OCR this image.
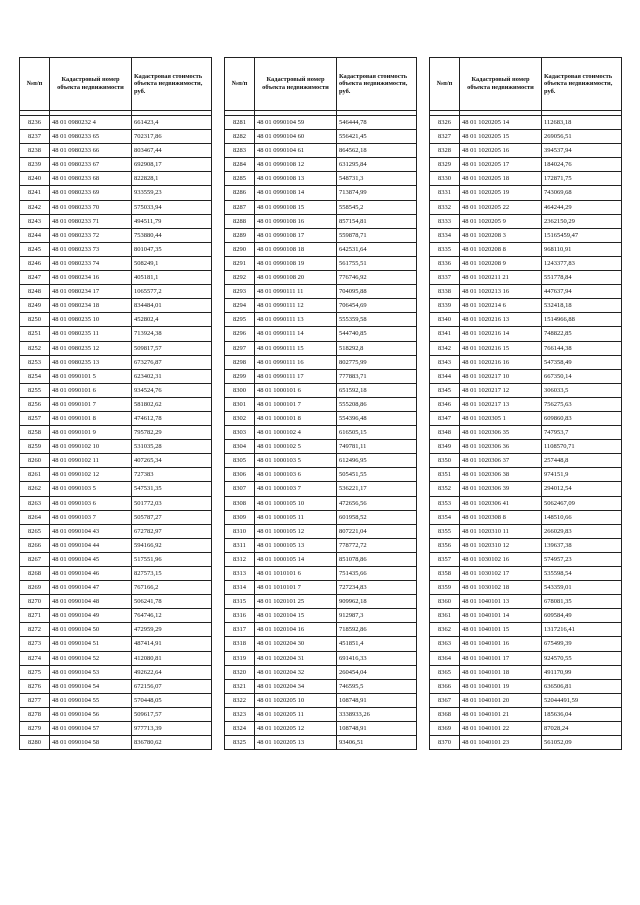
№п/п	Кадастровый номер объекта недвижимости	Кадастровая стоимость объекта недвижимости, руб.

8236	48 01 0980232 4	661423,4
8237	48 01 0980233 65	702317,86
8238	48 01 0980233 66	803467,44
8239	48 01 0980233 67	692908,17
8240	48 01 0980233 68	822828,1
8241	48 01 0980233 69	933559,23
8242	48 01 0980233 70	575033,94
8243	48 01 0980233 71	494511,79
8244	48 01 0980233 72	753880,44
8245	48 01 0980233 73	801047,35
8246	48 01 0980233 74	508249,1
8247	48 01 0980234 16	405181,1
8248	48 01 0980234 17	1065577,2
8249	48 01 0980234 18	834484,01
8250	48 01 0980235 10	452802,4
8251	48 01 0980235 11	713924,38
8252	48 01 0980235 12	509817,57
8253	48 01 0980235 13	673276,87
8254	48 01 0990101 5	623402,31
8255	48 01 0990101 6	934524,76
8256	48 01 0990101 7	581802,62
8257	48 01 0990101 8	474612,78
8258	48 01 0990101 9	795782,29
8259	48 01 0990102 10	531035,28
8260	48 01 0990102 11	407265,34
8261	48 01 0990102 12	727383
8262	48 01 0990103 5	547531,35
8263	48 01 0990103 6	501772,03
8264	48 01 0990103 7	505787,27
8265	48 01 0990104 43	672782,97
8266	48 01 0990104 44	594166,92
8267	48 01 0990104 45	517551,96
8268	48 01 0990104 46	827573,15
8269	48 01 0990104 47	767166,2
8270	48 01 0990104 48	506241,78
8271	48 01 0990104 49	764746,12
8272	48 01 0990104 50	472959,29
8273	48 01 0990104 51	487414,91
8274	48 01 0990104 52	412080,81
8275	48 01 0990104 53	492622,64
8276	48 01 0990104 54	672156,07
8277	48 01 0990104 55	570448,05
8278	48 01 0990104 56	509617,57
8279	48 01 0990104 57	977713,39
8280	48 01 0990104 58	836780,62
№п/п	Кадастровый номер объекта недвижимости	Кадастровая стоимость объекта недвижимости, руб.

8281	48 01 0990104 59	546444,78
8282	48 01 0990104 60	556421,45
8283	48 01 0990104 61	864562,18
8284	48 01 0990108 12	631295,84
8285	48 01 0990108 13	548731,3
8286	48 01 0990108 14	713874,99
8287	48 01 0990108 15	558545,2
8288	48 01 0990108 16	857154,81
8289	48 01 0990108 17	559878,71
8290	48 01 0990108 18	642531,64
8291	48 01 0990108 19	561755,51
8292	48 01 0990108 20	776746,92
8293	48 01 0990111 11	704095,88
8294	48 01 0990111 12	706454,69
8295	48 01 0990111 13	555359,58
8296	48 01 0990111 14	544740,85
8297	48 01 0990111 15	518292,8
8298	48 01 0990111 16	802775,99
8299	48 01 0990111 17	777883,71
8300	48 01 1000101 6	651592,18
8301	48 01 1000101 7	555208,86
8302	48 01 1000101 8	554396,48
8303	48 01 1000102 4	616505,15
8304	48 01 1000102 5	749781,11
8305	48 01 1000103 5	612496,95
8306	48 01 1000103 6	505451,55
8307	48 01 1000103 7	536221,17
8308	48 01 1000105 10	472656,56
8309	48 01 1000105 11	601958,52
8310	48 01 1000105 12	807221,04
8311	48 01 1000105 13	778772,72
8312	48 01 1000105 14	851078,86
8313	48 01 1010101 6	751435,66
8314	48 01 1010101 7	727234,83
8315	48 01 1020101 25	909962,18
8316	48 01 1020104 15	912987,3
8317	48 01 1020104 16	718592,86
8318	48 01 1020204 30	451851,4
8319	48 01 1020204 31	691416,33
8320	48 01 1020204 32	260454,04
8321	48 01 1020204 34	746595,5
8322	48 01 1020205 10	108748,91
8323	48 01 1020205 11	3338933,26
8324	48 01 1020205 12	108748,91
8325	48 01 1020205 13	93406,51
№п/п	Кадастровый номер объекта недвижимости	Кадастровая стоимость объекта недвижимости, руб.

8326	48 01 1020205 14	112683,18
8327	48 01 1020205 15	269056,51
8328	48 01 1020205 16	394537,94
8329	48 01 1020205 17	184024,76
8330	48 01 1020205 18	172871,75
8331	48 01 1020205 19	743069,68
8332	48 01 1020205 22	464244,29
8333	48 01 1020205 9	2362150,29
8334	48 01 1020208 3	15165459,47
8335	48 01 1020208 8	968110,91
8336	48 01 1020208 9	1243377,83
8337	48 01 1020211 21	551778,84
8338	48 01 1020213 16	447637,94
8339	48 01 1020214 6	532418,18
8340	48 01 1020216 13	1514966,88
8341	48 01 1020216 14	748822,85
8342	48 01 1020216 15	766144,38
8343	48 01 1020216 16	547358,49
8344	48 01 1020217 10	667350,14
8345	48 01 1020217 12	306033,5
8346	48 01 1020217 13	756275,63
8347	48 01 1020305 1	609860,83
8348	48 01 1020306 35	747953,7
8349	48 01 1020306 36	1108570,71
8350	48 01 1020306 37	257448,8
8351	48 01 1020306 38	974151,9
8352	48 01 1020306 39	294012,54
8353	48 01 1020306 41	5062467,09
8354	48 01 1020308 8	148510,66
8355	48 01 1020310 11	266029,83
8356	48 01 1020310 12	139637,38
8357	48 01 1030102 16	574957,23
8358	48 01 1030102 17	535598,54
8359	48 01 1030102 18	543359,01
8360	48 01 1040101 13	678081,35
8361	48 01 1040101 14	609584,49
8362	48 01 1040101 15	1317216,41
8363	48 01 1040101 16	675499,39
8364	48 01 1040101 17	924570,55
8365	48 01 1040101 18	491170,99
8366	48 01 1040101 19	636506,81
8367	48 01 1040101 20	52044491,59
8368	48 01 1040101 21	185636,04
8369	48 01 1040101 22	87028,24
8370	48 01 1040101 23	561052,09
